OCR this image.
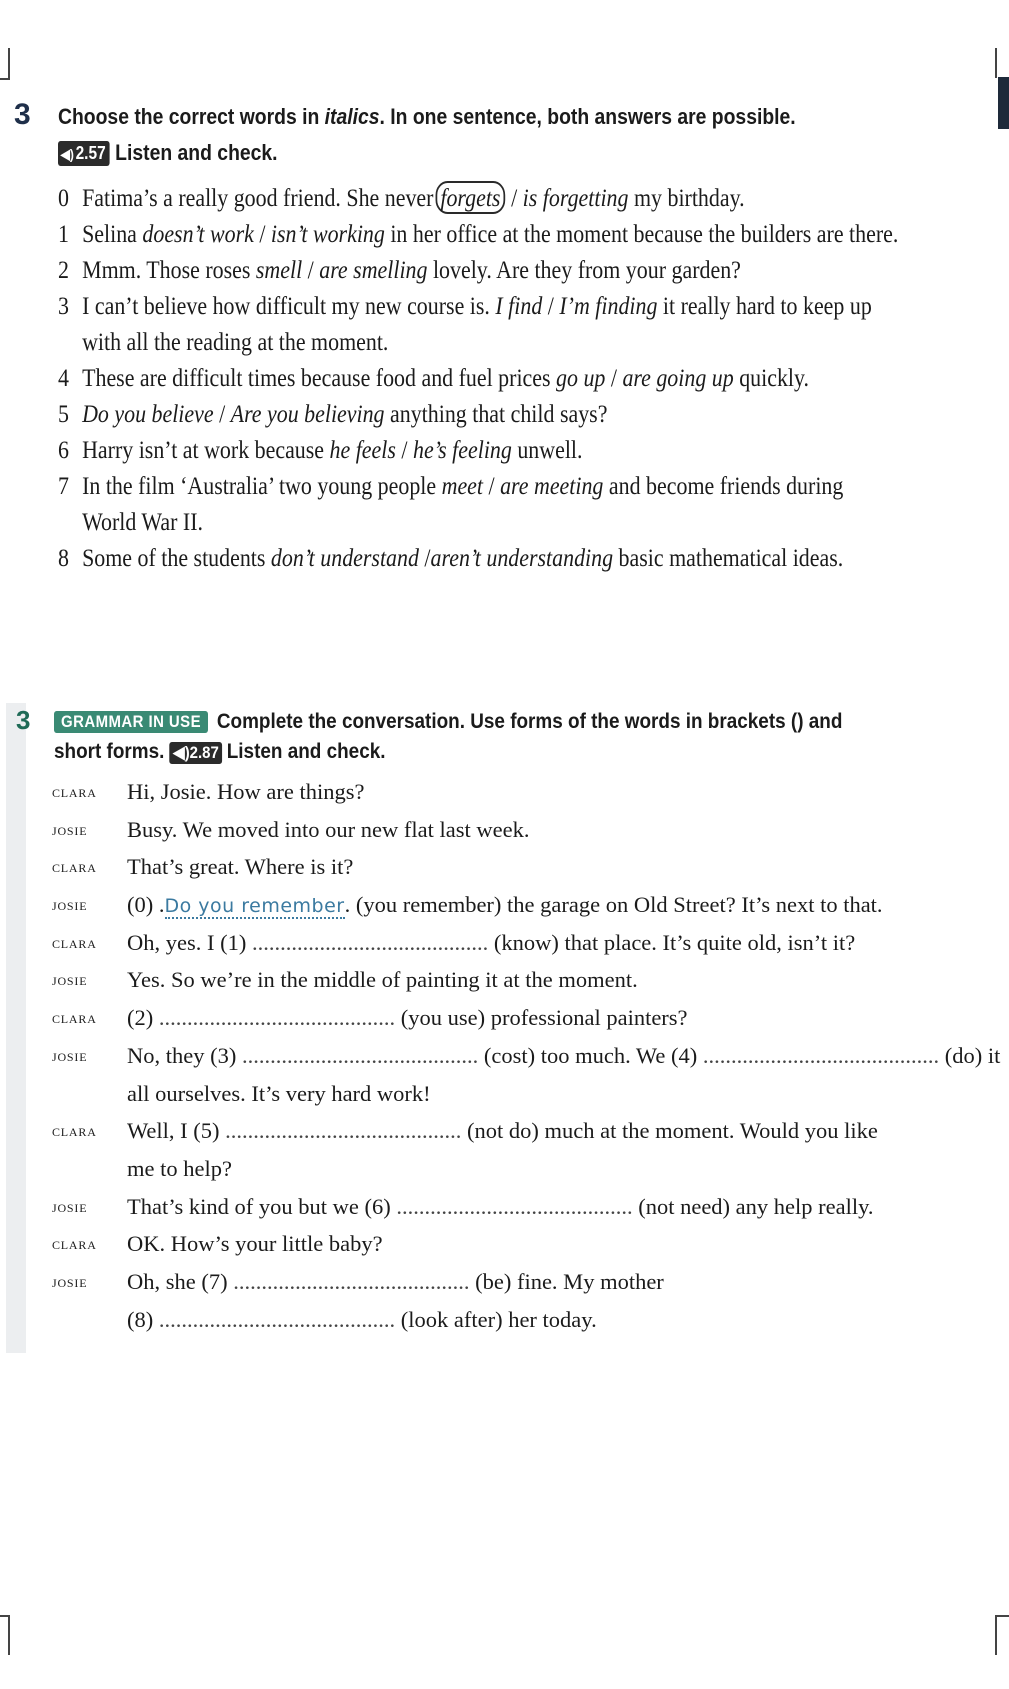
3 Choose the correct words in italics. In one sentence, both answers are possible.
◀)2.57 Listen and check.
0 Fatima’s a really good friend. She never forgets / is forgetting my birthday.
1 Selina doesn’t work / isn’t working in her office at the moment because the builders are there.
2 Mmm. Those roses smell / are smelling lovely. Are they from your garden?
3 I can’t believe how difficult my new course is. I find / I’m finding it really hard to keep up
with all the reading at the moment.
4 These are difficult times because food and fuel prices go up / are going up quickly.
5 Do you believe / Are you believing anything that child says?
6 Harry isn’t at work because he feels / he’s feeling unwell.
7 In the film ‘Australia’ two young people meet / are meeting and become friends during
World War II.
8 Some of the students don’t understand /aren’t understanding basic mathematical ideas.
3	GRAMMAR IN USE Complete the conversation. Use forms of the words in brackets () and
short forms. ◀)2.87 Listen and check.
clara Hi, Josie. How are things?
josie Busy. We moved into our new flat last week.
clara That’s great. Where is it?
josie (0) .Do you remember. (you remember) the garage on Old Street? It’s next to that.
clara Oh, yes. I (1) .......................................... (know) that place. It’s quite old, isn’t it?
josie Yes. So we’re in the middle of painting it at the moment.
clara (2) .......................................... (you use) professional painters?
josie No, they (3) .......................................... (cost) too much. We (4) .......................................... (do) it
all ourselves. It’s very hard work!
clara Well, I (5) .......................................... (not do) much at the moment. Would you like
me to help?
josie That’s kind of you but we (6) .......................................... (not need) any help really.
clara OK. How’s your little baby?
josie Oh, she (7) .......................................... (be) fine. My mother
(8) .......................................... (look after) her today.
